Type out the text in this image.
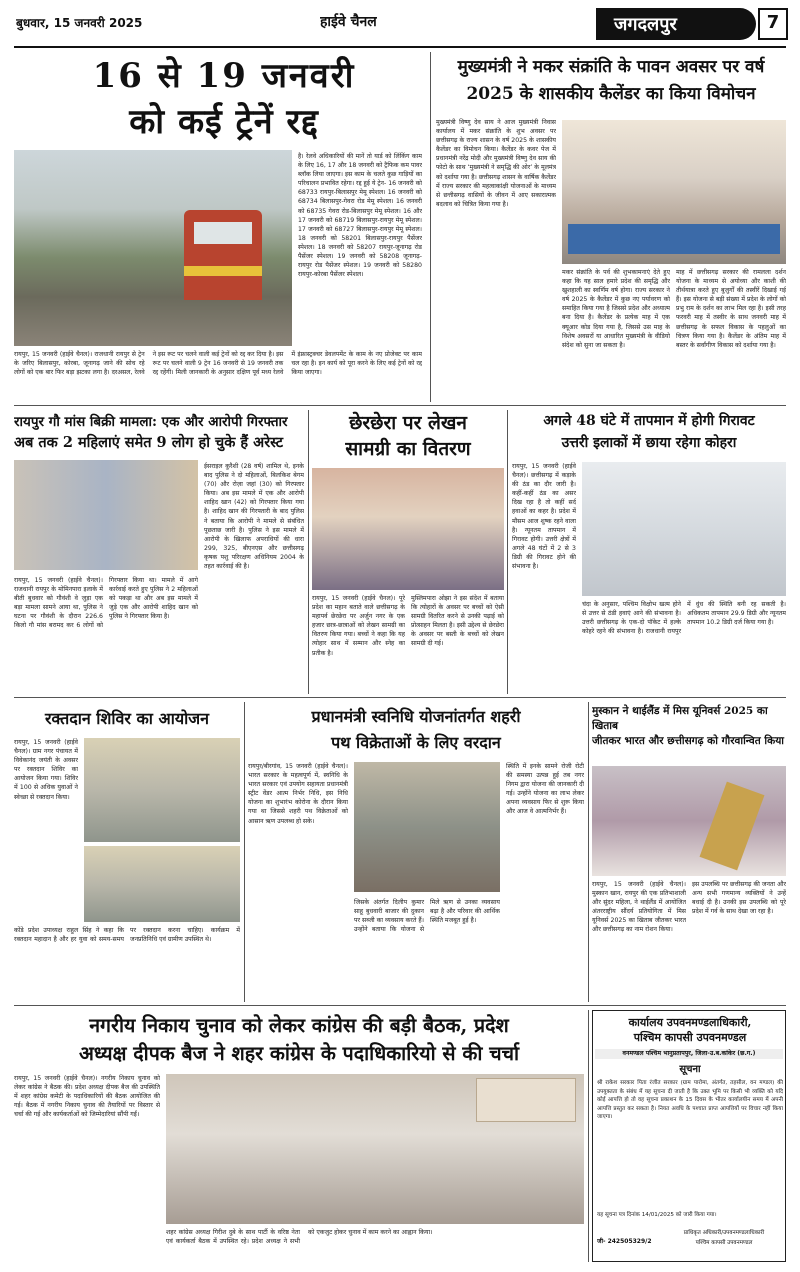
बुधवार, 15 जनवरी 2025	हाईवे चैनल	जगदलपुर	7
16 से 19 जनवरी
को कई ट्रेनें रद्द
है। रेलवे अधिकारियों की मानें तो यार्ड को लिंकिंग काम के लिए 16, 17 और 18 जनवरी को ट्रैफिक कम पावर ब्लॉक लिया जाएगा। इस काम के चलते कुछ गाड़ियों का परिचालन प्रभावित रहेगा। रद्द हुई ये ट्रेन- 16 जनवरी को 68733 रायपुर-बिलासपुर मेमू स्पेशल। 16 जनवरी को 68734 बिलासपुर-गेवरा रोड मेमू स्पेशल। 16 जनवरी को 68735 गेवरा रोड-बिलासपुर मेमू स्पेशल। 16 और 17 जनवरी को 68719 बिलासपुर-रायपुर मेमू स्पेशल। 17 जनवरी को 68727 बिलासपुर-रायपुर मेमू स्पेशल। 18 जनवरी को 58201 बिलासपुर-रायपुर पैसेंजर स्पेशल। 18 जनवरी को 58207 रायपुर-जूनागढ़ रोड पैसेंजर स्पेशल। 19 जनवरी को 58208 जूनागढ़-रायपुर रोड पैसेंजर स्पेशल। 19 जनवरी को 58280 रायपुर-कोरबा पैसेंजर स्पेशल।
रायपुर, 15 जनवरी (हाईवे चैनल)। राजधानी रायपुर से ट्रेन के जरिए बिलासपुर, कोरबा, जूनागढ़ जाने की सोच रहे लोगों को एक बार फिर बड़ा झटका लगा है। दरअसल, रेलवे ने इस रूट पर चलने वाली कई ट्रेनों को रद्द कर दिया है। इस रूट पर चलने वाली 9 ट्रेन 16 जनवरी से 19 जनवरी तक रद्द रहेंगी। मिली जानकारी के अनुसार दक्षिण पूर्व मध्य रेलवे में इंफ्रास्ट्रक्चर डेवलपमेंट के काम के नए प्रोजेक्ट पर काम चल रहा है। इन कार्य को पूरा करने के लिए कई ट्रेनों को रद्द किया जाएगा।
मुख्यमंत्री ने मकर संक्रांति के पावन अवसर पर वर्ष 2025 के शासकीय कैलेंडर का किया विमोचन
मुख्यमंत्री विष्णु देव साय ने आज मुख्यमंत्री निवास कार्यालय में मकर संक्रांति के शुभ अवसर पर छत्तीसगढ़ के राज्य शासन के वर्ष 2025 के शासकीय कैलेंडर का विमोचन किया। कैलेंडर के कवर पेज में प्रधानमंत्री नरेंद्र मोदी और मुख्यमंत्री विष्णु देव साय की फोटो के साथ ‘मुख्यमंत्री ने समृद्धि की ओर’ के मूलमंत्र को दर्शाया गया है। छत्तीसगढ़ शासन के वार्षिक कैलेंडर में राज्य सरकार की महत्वाकांक्षी योजनाओं के माध्यम से छत्तीसगढ़ वासियों के जीवन में आए सकारात्मक बदलाव को चित्रित किया गया है।
मकर संक्रांति के पर्व की शुभकामनाएं देते हुए कहा कि यह साल हमारे प्रदेश की समृद्धि और खुशहाली का स्वर्णिम वर्ष होगा। राज्य सरकार ने वर्ष 2025 के कैलेंडर में कुछ नए पर्यावरण को समाहित किया गया है जिससे प्रदेश और अध्यात्म बना दिया है। कैलेंडर के प्रत्येक माह में एक क्यूआर कोड दिया गया है, जिससे उस माह के विशेष अवसरों या आधारित मुख्यमंत्री के वीडियो संदेश को सुना जा सकता है।
माह में छत्तीसगढ़ सरकार की रामलला दर्शन योजना के माध्यम से अयोध्या और काशी की तीर्थयात्रा करते हुए बुजुर्गों की तस्वीरें दिखाई गई हैं। इस योजना से बड़ी संख्या में प्रदेश के लोगों को प्रभु राम के दर्शन का लाभ मिल रहा है। इसी तरह फरवरी माह में तस्वीर के साथ जनवरी माह में छत्तीसगढ़ के सफल विकास के पहलुओं का चित्रण किया गया है। कैलेंडर के अंतिम माह में बस्तर के सर्वांगीण विकास को दर्शाया गया है।
रायपुर गौ मांस बिक्री मामला: एक और आरोपी गिरफ्तार
अब तक 2 महिलाएं समेत 9 लोग हो चुके हैं अरेस्ट
ईसराइल कुरैशी (28 वर्ष) शामिल थे, इनके बाद पुलिस ने दो महिलाओं, बिलकिश बेगम (70) और रोज़ा जहां (30) को गिरफ्तार किया। अब इस मामले में एक और आरोपी शाहिद खान (42) को गिरफ्तार किया गया है। शाहिद खान की गिरफ्तारी के बाद पुलिस ने बताया कि आरोपी ने मामले से संबंधित पूछताछ जारी है। पुलिस ने इस मामले में आरोपी के खिलाफ अपराधियों की धारा 299, 325, बीएनएस और छत्तीसगढ़ कृषक पशु परिरक्षण अधिनियम 2004 के तहत कार्रवाई की है।
रायपुर, 15 जनवरी (हाईवे चैनल)। राजधानी रायपुर के मोमिनपारा इलाके में बीती बुधवार को गौवंशी वे जुड़ा एक बड़ा मामला सामने आया था, पुलिस ने घटना पर गौवंशी के दौरान 226.6 किलो गौ मांस बरामद कर 6 लोगों को गिरफ्तार किया था। मामले में आगे कार्रवाई करते हुए पुलिस ने 2 महिलाओं को पकड़ा था और अब इस मामले में जुड़े एक और आरोपी शाहिद खान को पुलिस ने गिरफ्तार किया है।
छेरछेरा पर लेखन
सामग्री का वितरण
रायपुर, 15 जनवरी (हाईवे चैनल)। पूरे प्रदेश का महान बताते वाले छत्तीसगढ़ के महापर्व छेरछेरा पर अर्जुन नगर के एक हजार छात्र-छात्राओं को लेखन सामग्री का वितरण किया गया। बच्चों ने कहा कि यह त्योहार साथ में सम्मान और स्नेह का प्रतीक है।
मुस्लिमपारा ओझा ने इस संदेश में बताया कि त्योहारों के अवसर पर बच्चों को ऐसी सामग्री वितरित करने से उनकी पढ़ाई को प्रोत्साहन मिलता है। इसी उद्देश्य से छेरछेरा के अवसर पर बस्ती के बच्चों को लेखन सामग्री दी गई।
अगले 48 घंटे में तापमान में होगी गिरावट
उत्तरी इलाकों में छाया रहेगा कोहरा
रायपुर, 15 जनवरी (हाईवे चैनल)। छत्तीसगढ़ में कड़ाके की ठंड का दौर जारी है। कहीं-कहीं ठंड का असर दिख रहा है तो कहीं सर्द हवाओं का कहर है। प्रदेश में मौसम आज शुष्क रहने वाला है। न्यूनतम तापमान में गिरावट होगी। उत्तरी क्षेत्रों में अगले 48 घंटों में 2 से 3 डिग्री की गिरावट होने की संभावना है।
चंदा के अनुसार, पश्चिम विक्षोभ खत्म होने से उत्तर से ठंडी हवाएं आने की संभावना है। उत्तरी छत्तीसगढ़ के एक-दो पॉकेट में हल्के कोहरे रहने की संभावना है। राजधानी रायपुर में धुंध की स्थिति बनी रह सकती है। अधिकतम तापमान 29.9 डिग्री और न्यूनतम तापमान 10.2 डिग्री दर्ज किया गया है।
रक्तदान शिविर का आयोजन
रायपुर, 15 जनवरी (हाईवे चैनल)। ग्राम नगर पंचायत में विवेकानंद जयंती के अवसर पर रक्तदान शिविर का आयोजन किया गया। शिविर में 100 से अधिक युवाओं ने स्वेच्छा से रक्तदान किया।
कोंडे प्रदेश उपाध्यक्ष राहुल सिंह ने कहा कि रक्तदान महादान है और हर युवा को समय-समय पर रक्तदान करना चाहिए। कार्यक्रम में जनप्रतिनिधि एवं ग्रामीण उपस्थित थे।
प्रधानमंत्री स्वनिधि योजनांतर्गत शहरी
पथ विक्रेताओं के लिए वरदान
रायपुर/बीरगांव, 15 जनवरी (हाईवे चैनल)। भारत सरकार के महत्वपूर्ण में, स्वनिधि के भारत सरकार एवं उपयोग सहायता प्रधानमंत्री स्ट्रीट वेंडर आत्म निर्भर निधि, इस निधि योजना का शुभारंभ कोरोना के दौरान किया गया था जिससे शहरी पथ विक्रेताओं को आसान ऋण उपलब्ध हो सके।
स्थिति में इनके सामने रोजी रोटी की समस्या उत्पन्न हुई तब नगर निगम द्वारा योजना की जानकारी दी गई। उन्होंने योजना का लाभ लेकर अपना व्यवसाय फिर से शुरू किया और आज वे आत्मनिर्भर हैं।
जिसके अंतर्गत दिलीप कुमार साहू बुधवारी बाजार की दुकान पर सब्जी का व्यवसाय करते हैं। उन्होंने बताया कि योजना से मिले ऋण से उनका व्यवसाय बढ़ा है और परिवार की आर्थिक स्थिति मजबूत हुई है।
मुस्कान ने थाईलैंड में मिस यूनिवर्स 2025 का खिताब
जीतकर भारत और छत्तीसगढ़ को गौरवान्वित किया
रायपुर, 15 जनवरी (हाईवे चैनल)। मुस्कान खान, रायपुर की एक प्रतिभाशाली और सुंदर महिला, ने थाईलैंड में आयोजित अंतरराष्ट्रीय सौंदर्य प्रतियोगिता में मिस यूनिवर्स 2025 का खिताब जीतकर भारत और छत्तीसगढ़ का नाम रोशन किया।
इस उपलब्धि पर छत्तीसगढ़ की जनता और अन्य सभी गणमान्य व्यक्तियों ने उन्हें बधाई दी है। उनकी इस उपलब्धि को पूरे प्रदेश में गर्व के साथ देखा जा रहा है।
नगरीय निकाय चुनाव को लेकर कांग्रेस की बड़ी बैठक, प्रदेश
अध्यक्ष दीपक बैज ने शहर कांग्रेस के पदाधिकारियो से की चर्चा
रायपुर, 15 जनवरी (हाईवे चैनल)। नगरीय निकाय चुनाव को लेकर कांग्रेस ने बैठक की। प्रदेश अध्यक्ष दीपक बैज की उपस्थिति में शहर कांग्रेस कमेटी के पदाधिकारियों की बैठक आयोजित की गई। बैठक में नगरीय निकाय चुनाव की तैयारियों पर विस्तार से चर्चा की गई और कार्यकर्ताओं को जिम्मेदारियां सौंपी गईं।
शहर कांग्रेस अध्यक्ष गिरीश दुबे के साथ पार्टी के वरिष्ठ नेता एवं कार्यकर्ता बैठक में उपस्थित रहे। प्रदेश अध्यक्ष ने सभी को एकजुट होकर चुनाव में काम करने का आह्वान किया।
कार्यालय उपवनमण्डलाधिकारी,
पश्चिम कापसी उपवनमण्डल
वनमण्डल पश्चिम भानुप्रतापपुर, जिला-उ.ब.कांकेर (छ.ग.)
सूचना
श्री राकेश सरकार पिता रंजीत सरकार (ग्राम पारोमा, अंतर्गत, तहसील, वन मण्डल) की उपयुक्तता के संबंध में यह सूचना दी जाती है कि उक्त भूमि पर किसी भी व्यक्ति को यदि कोई आपत्ति हो तो वह सूचना प्रकाशन के 15 दिवस के भीतर कार्यालयीन समय में अपनी आपत्ति प्रस्तुत कर सकता है। नियत अवधि के पश्चात प्राप्त आपत्तियों पर विचार नहीं किया जाएगा।
यह सूचना पत्र दिनांक 14/01/2025 को जारी किया गया।
जी- 242505329/2
प्राधिकृत अधिकारी/उपवनमण्डलाधिकारी
पश्चिम कापसी उपवनमण्डल
